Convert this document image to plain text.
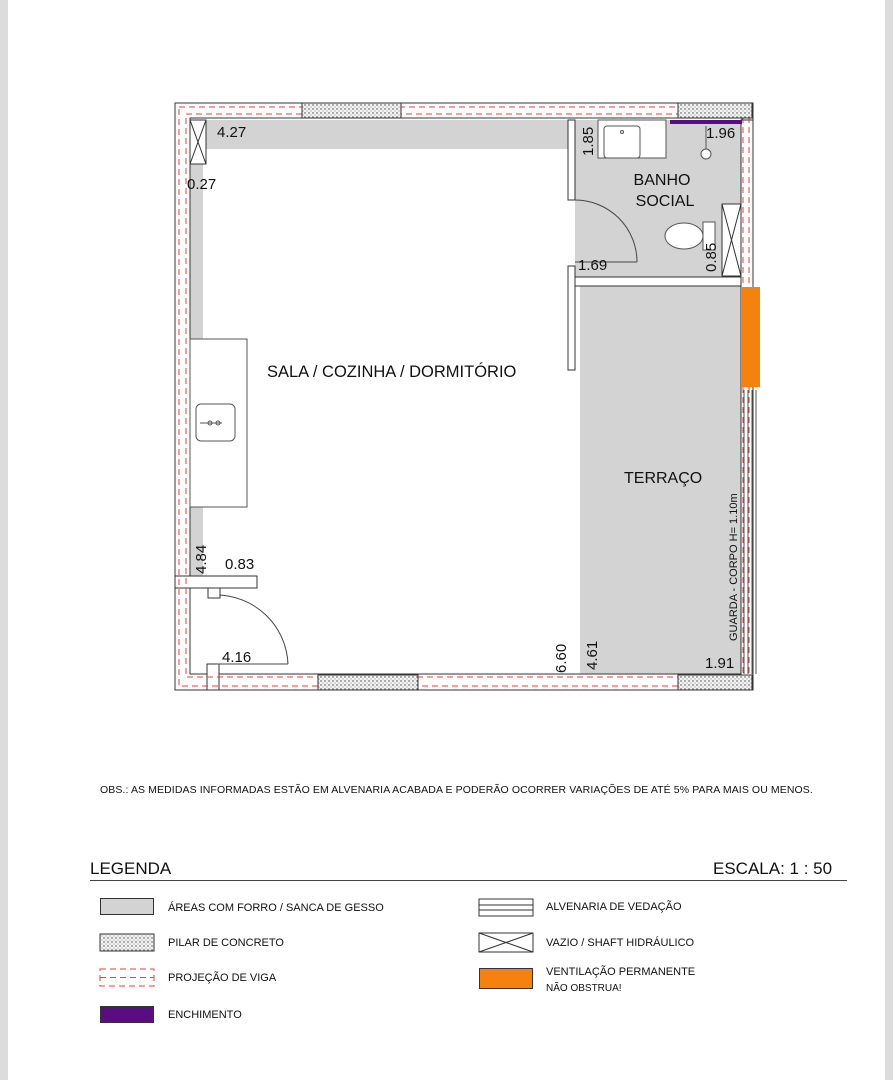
SALA / COZINHA / DORMITÓRIO
BANHO
SOCIAL
TERRAÇO
GUARDA - CORPO H= 1.10m
4.27
0.27
1.85	1.96
0.85
1.69
4.84 0.83
4.16	6.60 4.61	1.91
OBS.: AS MEDIDAS INFORMADAS ESTÃO EM ALVENARIA ACABADA E PODERÃO OCORRER VARIAÇÕES DE ATÉ 5% PARA MAIS OU MENOS.
LEGENDA	ESCALA: 1 : 50
ÁREAS COM FORRO / SANCA DE GESSO
PILAR DE CONCRETO
PROJEÇÃO DE VIGA
ENCHIMENTO
ALVENARIA DE VEDAÇÃO
VAZIO / SHAFT HIDRÁULICO
VENTILAÇÃO PERMANENTE
NÃO OBSTRUA!
